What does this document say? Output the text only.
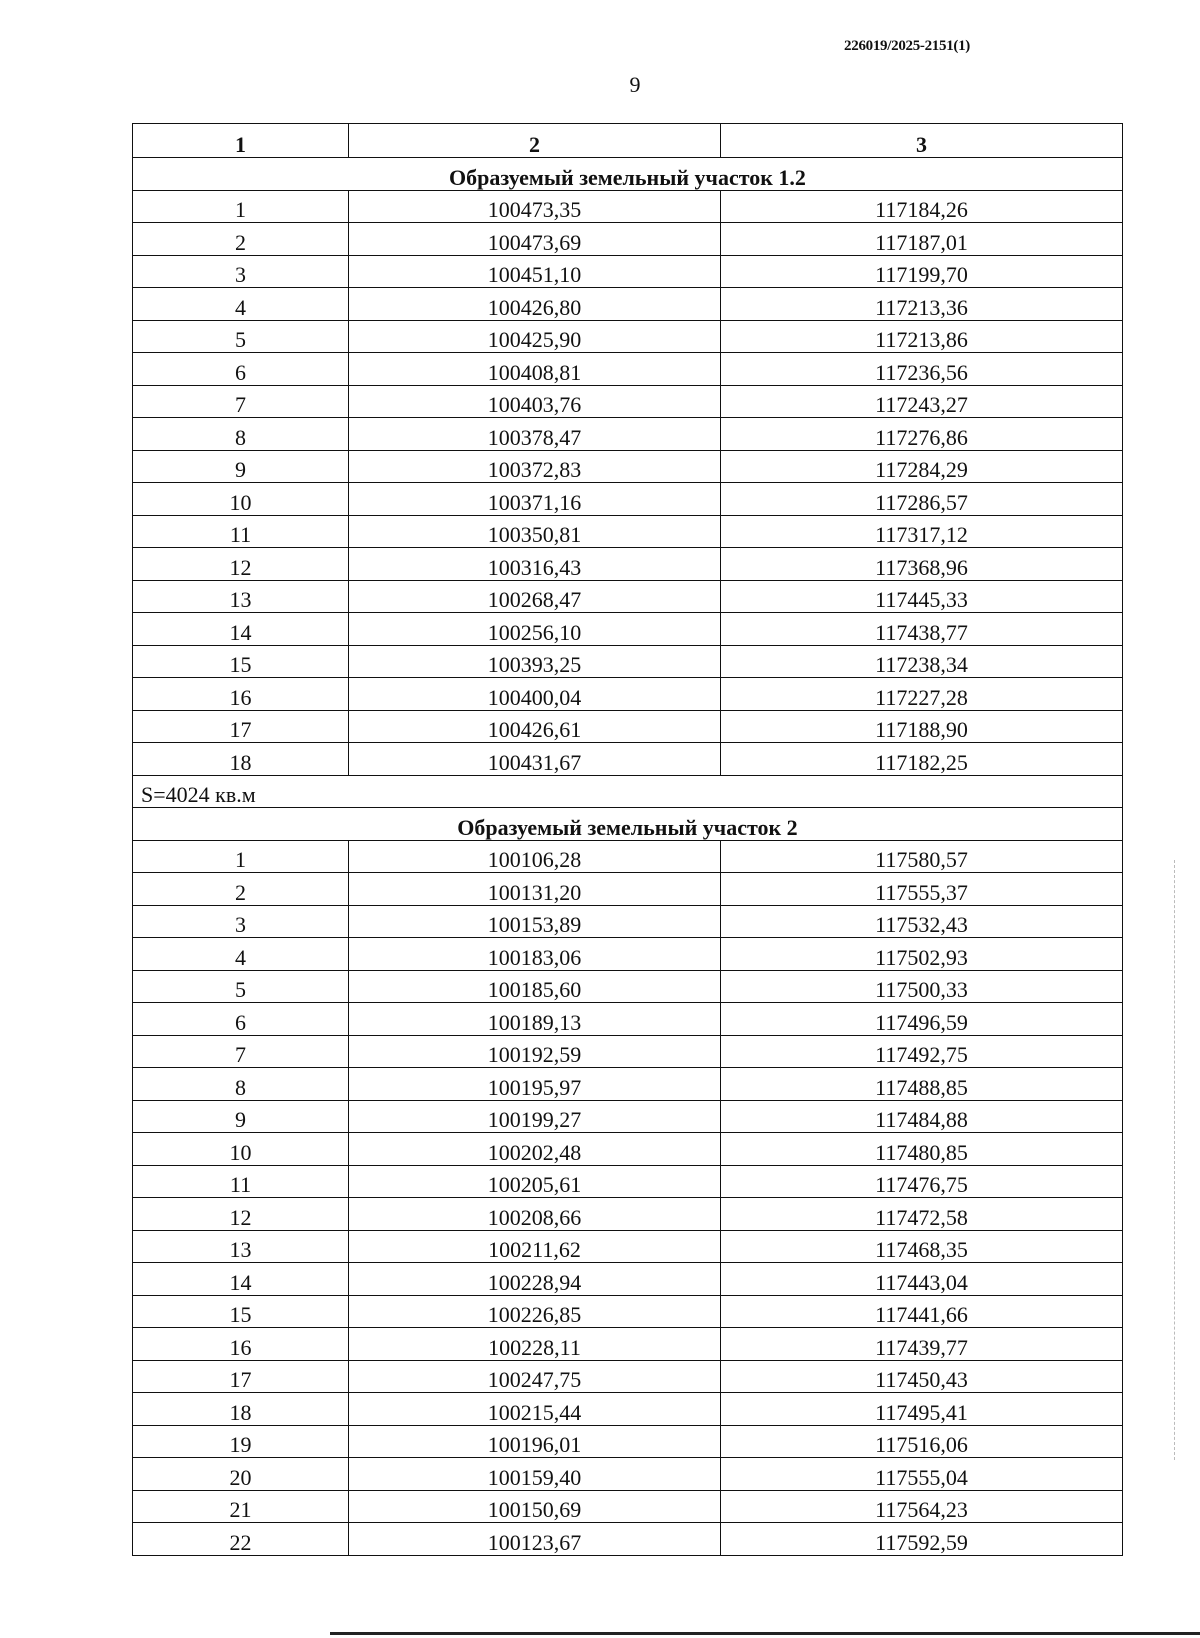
226019/2025-2151(1)
9
1	2	3
Образуемый земельный участок 1.2		
1	100473,35	117184,26
2	100473,69	117187,01
3	100451,10	117199,70
4	100426,80	117213,36
5	100425,90	117213,86
6	100408,81	117236,56
7	100403,76	117243,27
8	100378,47	117276,86
9	100372,83	117284,29
10	100371,16	117286,57
11	100350,81	117317,12
12	100316,43	117368,96
13	100268,47	117445,33
14	100256,10	117438,77
15	100393,25	117238,34
16	100400,04	117227,28
17	100426,61	117188,90
18	100431,67	117182,25
S=4024 кв.м		
Образуемый земельный участок 2		
1	100106,28	117580,57
2	100131,20	117555,37
3	100153,89	117532,43
4	100183,06	117502,93
5	100185,60	117500,33
6	100189,13	117496,59
7	100192,59	117492,75
8	100195,97	117488,85
9	100199,27	117484,88
10	100202,48	117480,85
11	100205,61	117476,75
12	100208,66	117472,58
13	100211,62	117468,35
14	100228,94	117443,04
15	100226,85	117441,66
16	100228,11	117439,77
17	100247,75	117450,43
18	100215,44	117495,41
19	100196,01	117516,06
20	100159,40	117555,04
21	100150,69	117564,23
22	100123,67	117592,59
